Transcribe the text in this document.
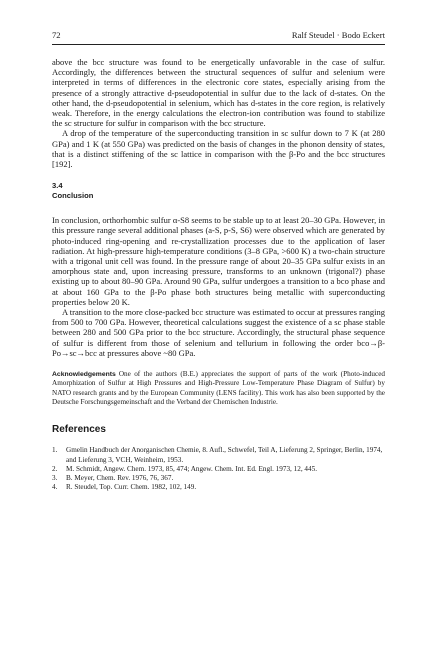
72	Ralf Steudel · Bodo Eckert

above the bcc structure was found to be energetically unfavorable in the case of sulfur. Accordingly, the differences between the structural sequences of sulfur and selenium were interpreted in terms of differences in the electronic core states, especially arising from the presence of a strongly attractive d-pseudopotential in sulfur due to the lack of d-states. On the other hand, the d-pseudopotential in selenium, which has d-states in the core region, is relatively weak. Therefore, in the energy calculations the electron-ion contribution was found to stabilize the sc structure for sulfur in comparison with the bcc structure.

A drop of the temperature of the superconducting transition in sc sulfur down to 7 K (at 280 GPa) and 1 K (at 550 GPa) was predicted on the basis of changes in the phonon density of states, that is a distinct stiffening of the sc lattice in comparison with the β-Po and the bcc structures [192].

3.4
Conclusion

In conclusion, orthorhombic sulfur α-S8 seems to be stable up to at least 20–30 GPa. However, in this pressure range several additional phases (a-S, p-S, S6) were observed which are generated by photo-induced ring-opening and re-crystallization processes due to the application of laser radiation. At high-pressure high-temperature conditions (3–8 GPa, >600 K) a two-chain structure with a trigonal unit cell was found. In the pressure range of about 20–35 GPa sulfur exists in an amorphous state and, upon increasing pressure, transforms to an unknown (trigonal?) phase existing up to about 80–90 GPa. Around 90 GPa, sulfur undergoes a transition to a bco phase and at about 160 GPa to the β-Po phase both structures being metallic with superconducting properties below 20 K.

A transition to the more close-packed bcc structure was estimated to occur at pressures ranging from 500 to 700 GPa. However, theoretical calculations suggest the existence of a sc phase stable between 280 and 500 GPa prior to the bcc structure. Accordingly, the structural phase sequence of sulfur is different from those of selenium and tellurium in following the order bco→β-Po→sc→bcc at pressures above ~80 GPa.

Acknowledgements One of the authors (B.E.) appreciates the support of parts of the work (Photo-induced Amorphization of Sulfur at High Pressures and High-Pressure Low-Temperature Phase Diagram of Sulfur) by NATO research grants and by the European Community (LENS facility). This work has also been supported by the Deutsche Forschungsgemeinschaft and the Verband der Chemischen Industrie.
References
1.	Gmelin Handbuch der Anorganischen Chemie, 8. Aufl., Schwefel, Teil A, Lieferung 2, Springer, Berlin, 1974, and Lieferung 3, VCH, Weinheim, 1953.
2.	M. Schmidt, Angew. Chem. 1973, 85, 474; Angew. Chem. Int. Ed. Engl. 1973, 12, 445.
3.	B. Meyer, Chem. Rev. 1976, 76, 367.
4.	R. Steudel, Top. Curr. Chem. 1982, 102, 149.
